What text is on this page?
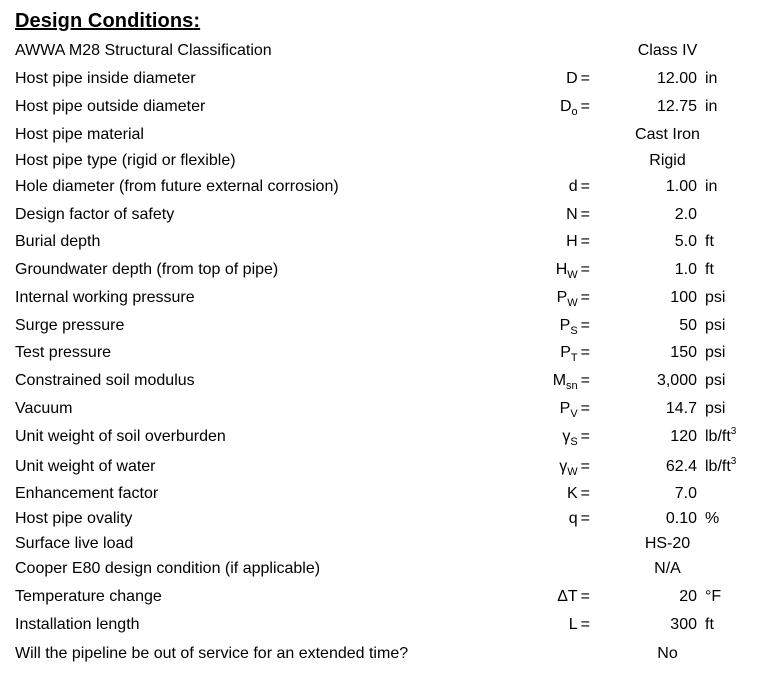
Design Conditions:
AWWA M28 Structural Classification	Class IV
Host pipe inside diameter	D =	12.00 in
Host pipe outside diameter	$D_o$ =	12.75 in
Host pipe material	Cast Iron
Host pipe type (rigid or flexible)	Rigid
Hole diameter (from future external corrosion)	d =	1.00 in
Design factor of safety	N =	2.0
Burial depth	H =	5.0 ft
Groundwater depth (from top of pipe)	$H_W$ =	1.0 ft
Internal working pressure	$P_W$ =	100 psi
Surge pressure	$P_S$ =	50 psi
Test pressure	$P_T$ =	150 psi
Constrained soil modulus	$M_{sn}$ =	3,000 psi
Vacuum	$P_V$ =	14.7 psi
Unit weight of soil overburden	$\gamma_S$ =	120 $lb/ft^3$
Unit weight of water	$\gamma_W$ =	62.4 $lb/ft^3$
Enhancement factor	K =	7.0
Host pipe ovality	q =	0.10 %
Surface live load	HS-20
Cooper E80 design condition (if applicable)	N/A
Temperature change	ΔT =	20 °F
Installation length	L =	300 ft
Will the pipeline be out of service for an extended time?	No
